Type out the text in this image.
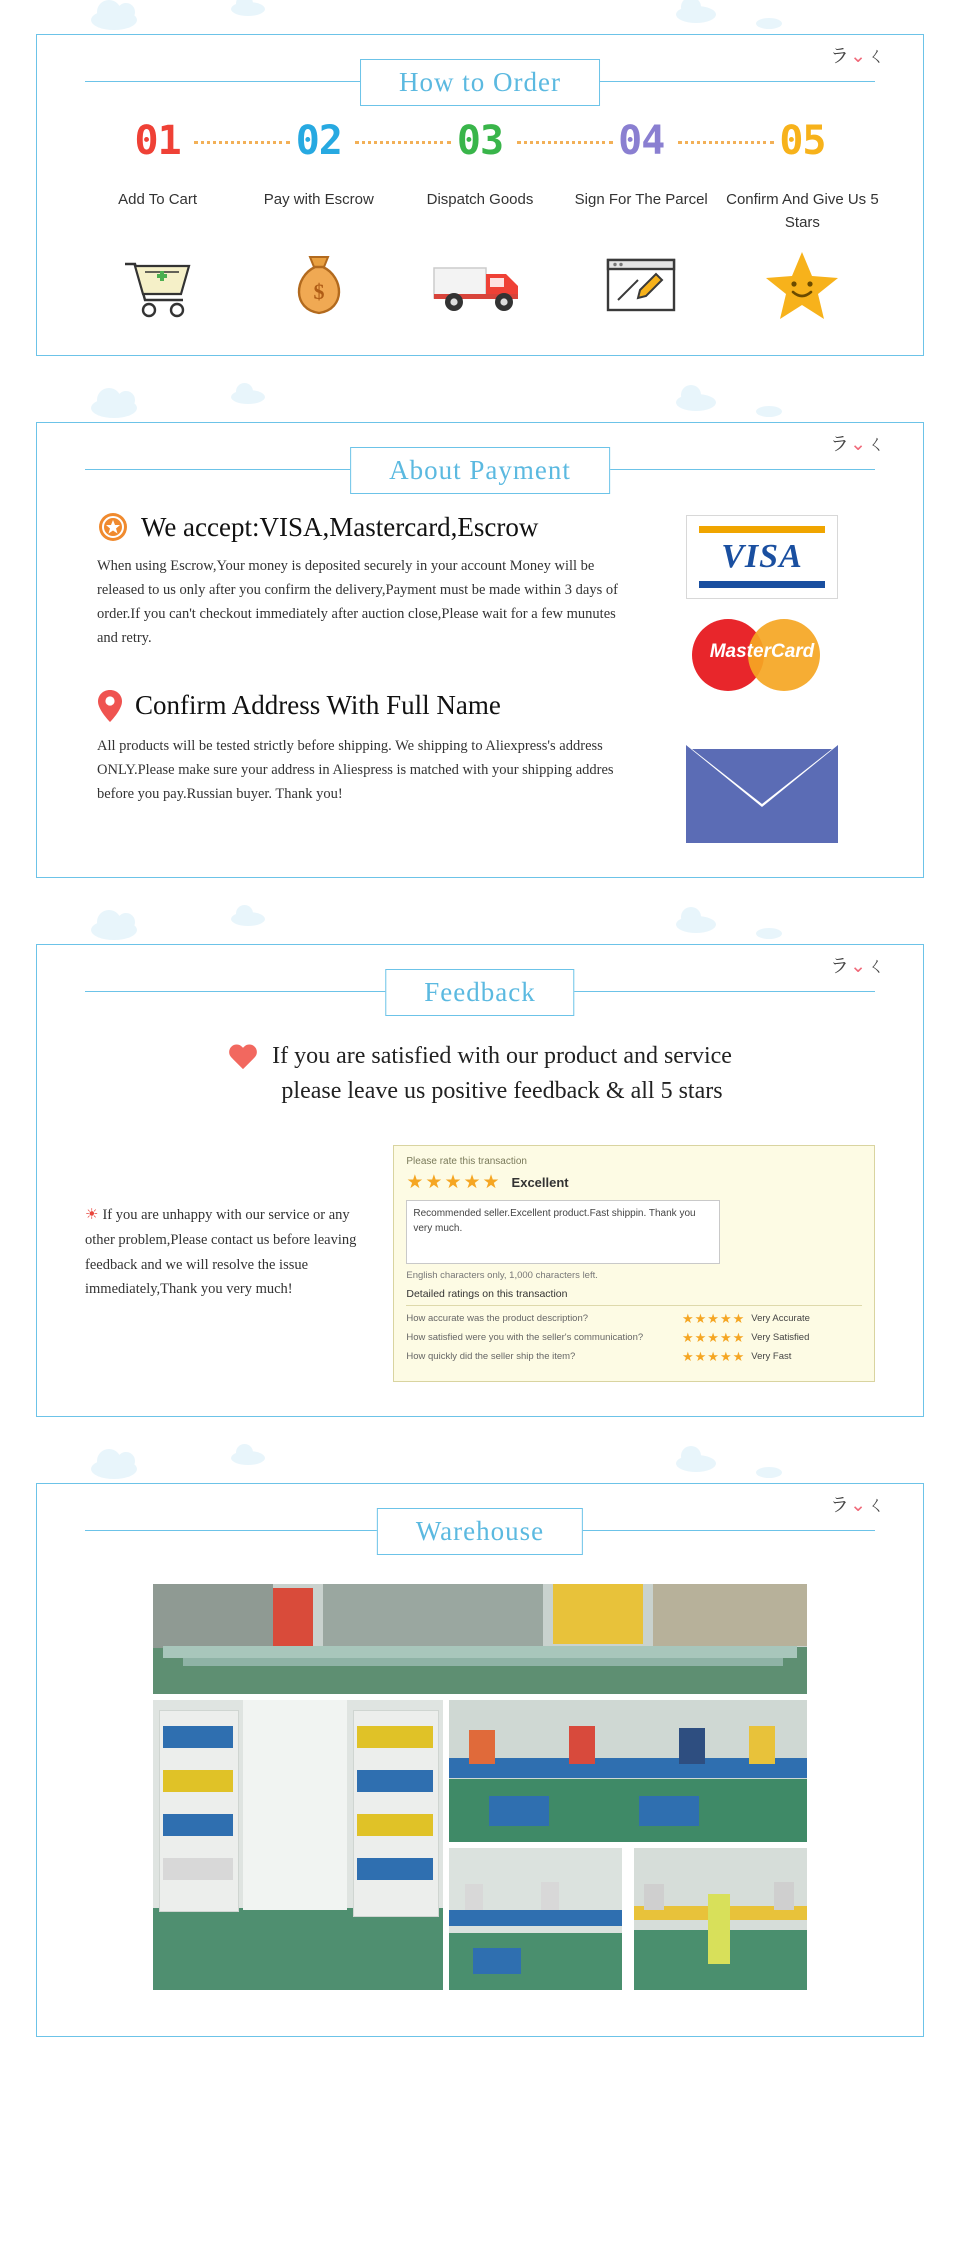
ラ⌄ㄑ
How to Order
01
Add To Cart
02
Pay with Escrow
$
03
Dispatch Goods
04
Sign For The Parcel
05
Confirm And Give Us 5 Stars
ラ⌄ㄑ
About Payment
We accept:VISA,Mastercard,Escrow
When using Escrow,Your money is deposited securely in your account Money will be released to us only after you confirm the delivery,Payment must be made within 3 days of order.If you can't checkout immediately after auction close,Please wait for a few munutes and retry.
Confirm Address With Full Name
All products will be tested strictly before shipping. We shipping to Aliexpress's address ONLY.Please make sure your address in Aliespress is matched with your shipping addres before you pay.Russian buyer. Thank you!
VISA
MasterCard
ラ⌄ㄑ
Feedback
If you are satisfied with our product and service
please leave us positive feedback & all 5 stars
☀ If you are unhappy with our service or any other problem,Please contact us before leaving feedback and we will resolve the issue immediately,Thank you very much!
Please rate this transaction
★★★★★ Excellent
Recommended seller.Excellent product.Fast shippin. Thank you very much.
English characters only, 1,000 characters left.
Detailed ratings on this transaction
How accurate was the product description?	★★★★★ Very Accurate
How satisfied were you with the seller's communication?	★★★★★ Very Satisfied
How quickly did the seller ship the item?	★★★★★ Very Fast
ラ⌄ㄑ
Warehouse
